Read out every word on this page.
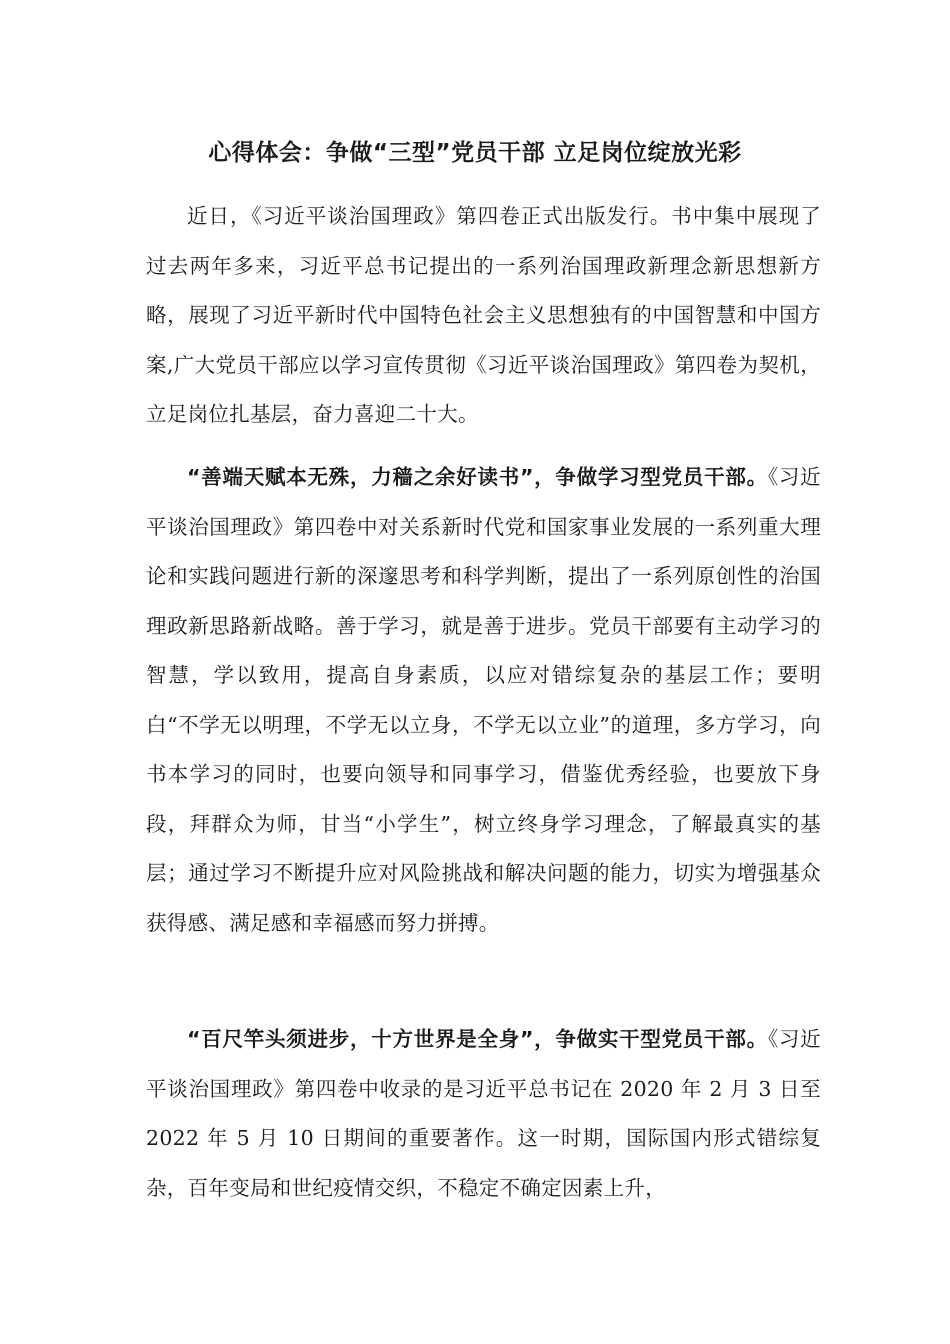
心得体会：争做“三型”党员干部 立足岗位绽放光彩

近日，《习近平谈治国理政》第四卷正式出版发行。书中集中展现了过去两年多来，习近平总书记提出的一系列治国理政新理念新思想新方略，展现了习近平新时代中国特色社会主义思想独有的中国智慧和中国方案,广大党员干部应以学习宣传贯彻《习近平谈治国理政》第四卷为契机，立足岗位扎基层，奋力喜迎二十大。

“善端天赋本无殊，力穑之余好读书”，争做学习型党员干部。《习近平谈治国理政》第四卷中对关系新时代党和国家事业发展的一系列重大理论和实践问题进行新的深邃思考和科学判断，提出了一系列原创性的治国理政新思路新战略。善于学习，就是善于进步。党员干部要有主动学习的智慧，学以致用，提高自身素质，以应对错综复杂的基层工作；要明白“不学无以明理，不学无以立身，不学无以立业”的道理，多方学习，向书本学习的同时，也要向领导和同事学习，借鉴优秀经验，也要放下身段，拜群众为师，甘当“小学生”，树立终身学习理念，了解最真实的基层；通过学习不断提升应对风险挑战和解决问题的能力，切实为增强基众获得感、满足感和幸福感而努力拼搏。

“百尺竿头须进步，十方世界是全身”，争做实干型党员干部。《习近平谈治国理政》第四卷中收录的是习近平总书记在 2020 年 2 月 3 日至 2022 年 5 月 10 日期间的重要著作。这一时期，国际国内形式错综复杂，百年变局和世纪疫情交织，不稳定不确定因素上升，
